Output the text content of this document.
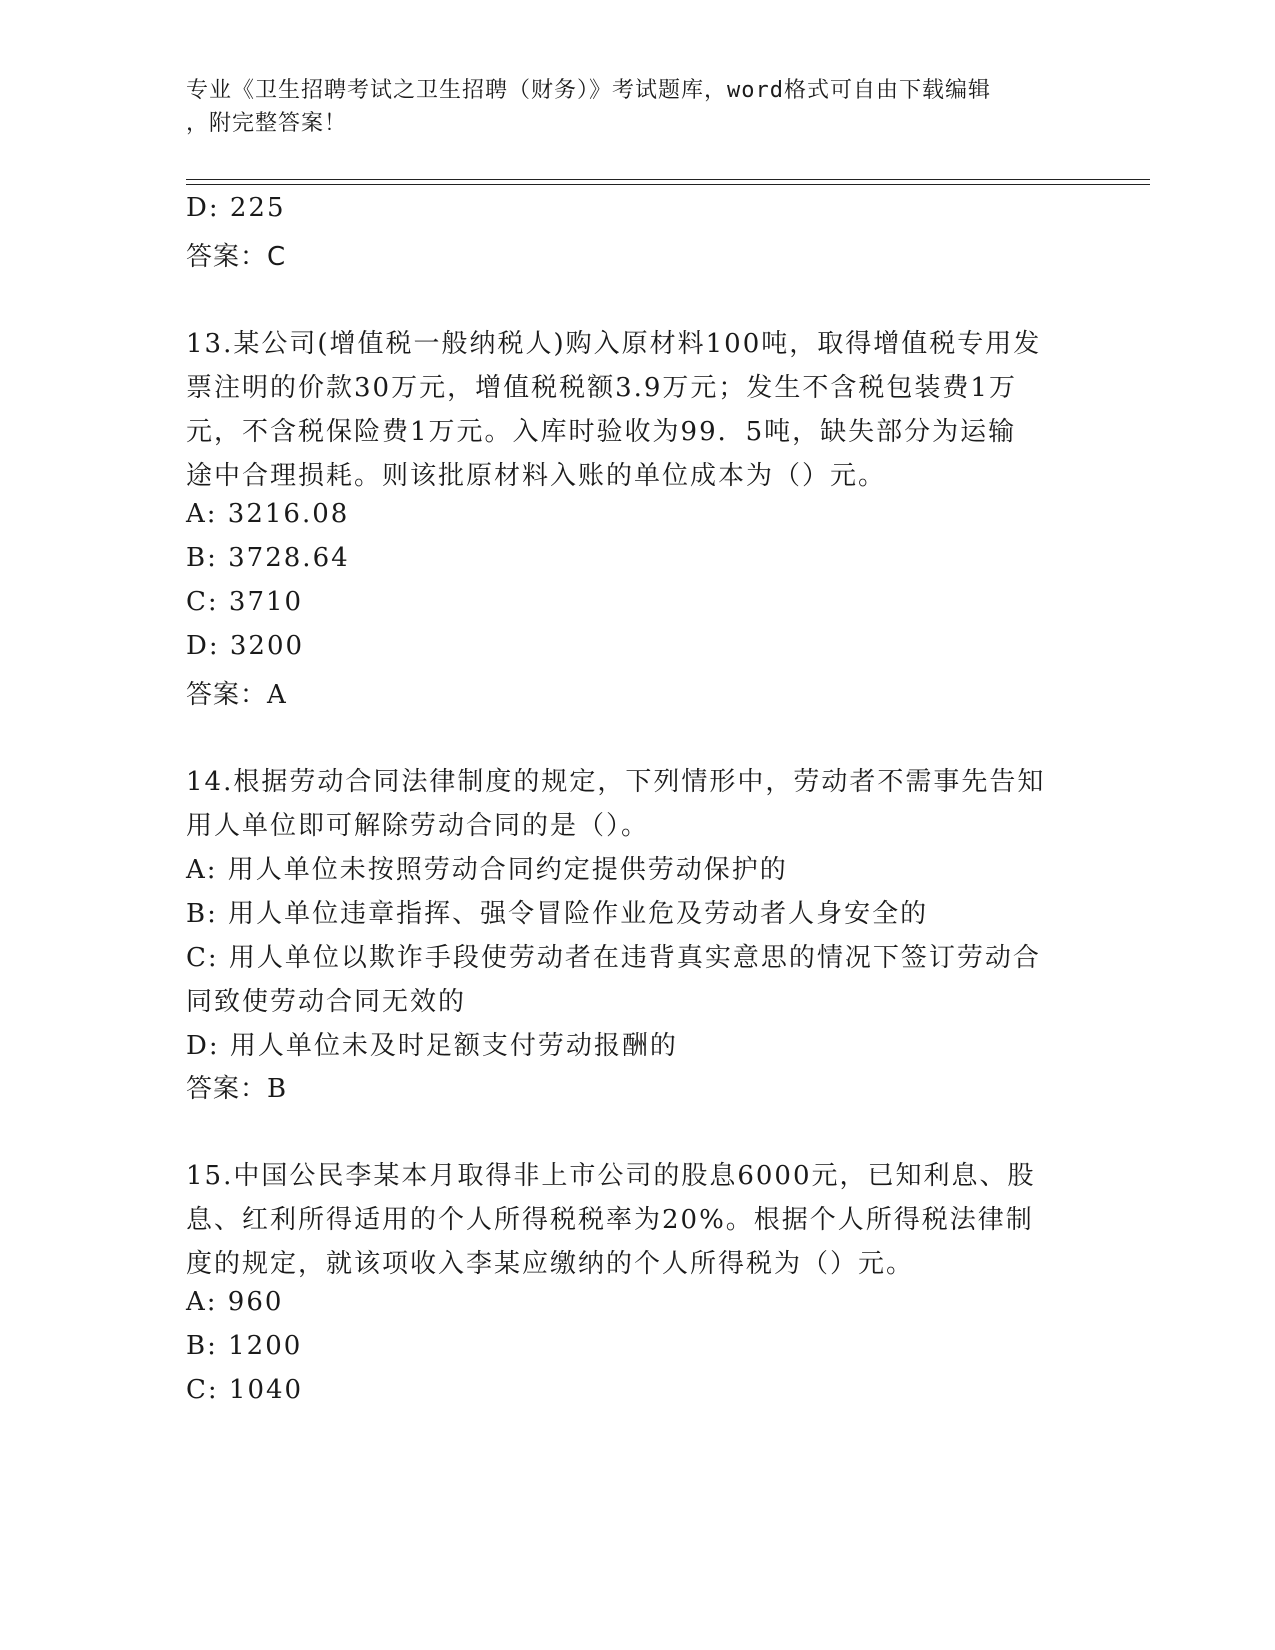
专业《卫生招聘考试之卫生招聘（财务）》考试题库，word格式可自由下载编辑
，附完整答案！
D: 225
答案：C
13.某公司(增值税一般纳税人)购入原材料100吨，取得增值税专用发
票注明的价款30万元，增值税税额3.9万元；发生不含税包装费1万
元，不含税保险费1万元。入库时验收为99．5吨，缺失部分为运输
途中合理损耗。则该批原材料入账的单位成本为（）元。
A: 3216.08
B: 3728.64
C: 3710
D: 3200
答案：A
14.根据劳动合同法律制度的规定，下列情形中，劳动者不需事先告知
用人单位即可解除劳动合同的是（）。
A: 用人单位未按照劳动合同约定提供劳动保护的
B: 用人单位违章指挥、强令冒险作业危及劳动者人身安全的
C: 用人单位以欺诈手段使劳动者在违背真实意思的情况下签订劳动合
同致使劳动合同无效的
D: 用人单位未及时足额支付劳动报酬的
答案：B
15.中国公民李某本月取得非上市公司的股息6000元，已知利息、股
息、红利所得适用的个人所得税税率为20%。根据个人所得税法律制
度的规定，就该项收入李某应缴纳的个人所得税为（）元。
A: 960
B: 1200
C: 1040
